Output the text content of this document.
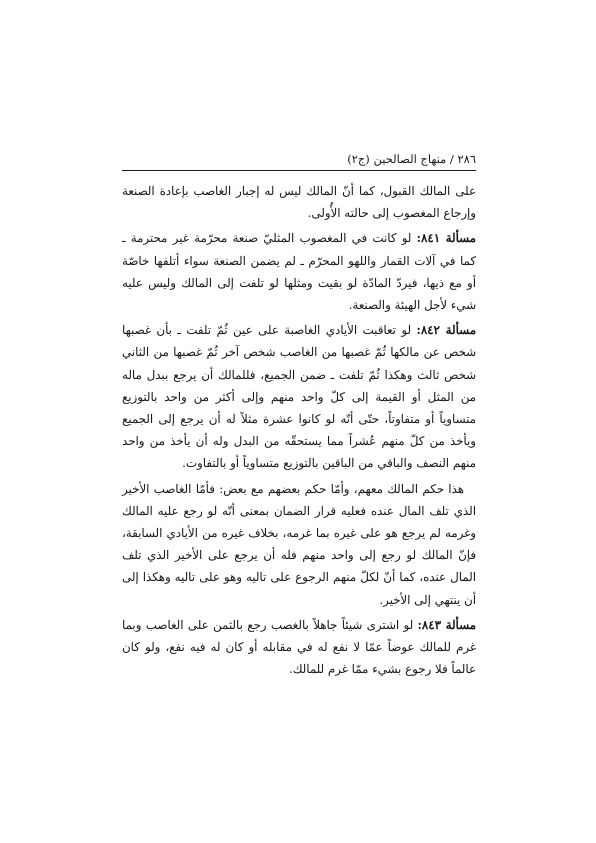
٢٨٦ / منهاج الصالحين (ج٢)

على المالك القبول، كما أنّ المالك ليس له إجبار الغاصب بإعادة الصنعة وإرجاع المغصوب إلى حالته الأُولى.

مسألة ٨٤١: لو كانت في المغصوب المثليّ صنعة محرّمة غير محترمة ـ كما في آلات القمار واللهو المحرّم ـ لم يضمن الصنعة سواء أتلفها خاصّة أو مع ذيها، فيردّ المادّة لو بقيت ومثلها لو تلفت إلى المالك وليس عليه شيء لأجل الهيئة والصنعة.

مسألة ٨٤٢: لو تعاقبت الأيادي الغاصبة على عين ثُمّ تلفت ـ بأن غصبها شخص عن مالكها ثُمّ غصبها من الغاصب شخص آخر ثُمّ غصبها من الثاني شخص ثالث وهكذا ثُمّ تلفت ـ ضمن الجميع، فللمالك أن يرجع ببدل ماله من المثل أو القيمة إلى كلّ واحد منهم وإلى أكثر من واحد بالتوزيع متساوياً أو متفاوتاً، حتّى أنّه لو كانوا عشرة مثلاً له أن يرجع إلى الجميع ويأخذ من كلّ منهم عُشراً مما يستحقّه من البدل وله أن يأخذ من واحد منهم النصف والباقي من الباقين بالتوزيع متساوياً أو بالتفاوت.

هذا حكم المالك معهم، وأمّا حكم بعضهم مع بعض: فأمّا الغاصب الأخير الذي تلف المال عنده فعليه قرار الضمان بمعنى أنّه لو رجع عليه المالك وغرمه لم يرجع هو على غيره بما غرمه، بخلاف غيره من الأيادي السابقة، فإنّ المالك لو رجع إلى واحد منهم فله أن يرجع على الأخير الذي تلف المال عنده، كما أنّ لكلّ منهم الرجوع على تاليه وهو على تاليه وهكذا إلى أن ينتهي إلى الأخير.

مسألة ٨٤٣: لو اشترى شيئاً جاهلاً بالغصب رجع بالثمن على الغاصب وبما غرم للمالك عوضاً عمّا لا نفع له في مقابله أو كان له فيه نفع، ولو كان عالماً فلا رجوع بشيء ممّا غرم للمالك.
